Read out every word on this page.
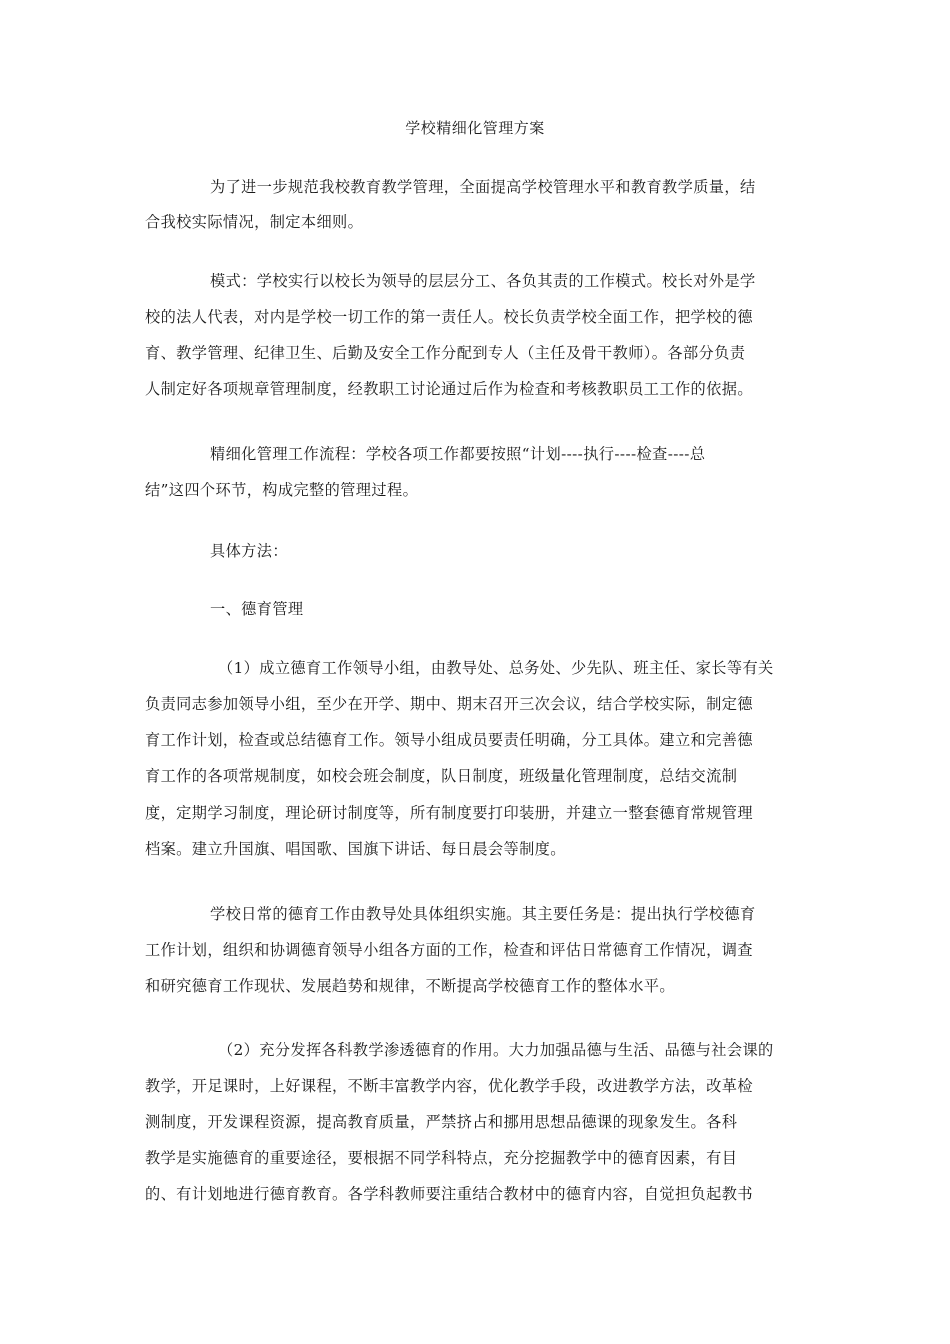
学校精细化管理方案
为了进一步规范我校教育教学管理，全面提高学校管理水平和教育教学质量，结
合我校实际情况，制定本细则。
模式：学校实行以校长为领导的层层分工、各负其责的工作模式。校长对外是学
校的法人代表，对内是学校一切工作的第一责任人。校长负责学校全面工作，把学校的德
育、教学管理、纪律卫生、后勤及安全工作分配到专人（主任及骨干教师）。各部分负责
人制定好各项规章管理制度，经教职工讨论通过后作为检查和考核教职员工工作的依据。
精细化管理工作流程：学校各项工作都要按照“计划----执行----检查----总
结”这四个环节，构成完整的管理过程。
具体方法：
一、德育管理
（1）成立德育工作领导小组，由教导处、总务处、少先队、班主任、家长等有关
负责同志参加领导小组，至少在开学、期中、期末召开三次会议，结合学校实际，制定德
育工作计划，检查或总结德育工作。领导小组成员要责任明确，分工具体。建立和完善德
育工作的各项常规制度，如校会班会制度，队日制度，班级量化管理制度，总结交流制
度，定期学习制度，理论研讨制度等，所有制度要打印装册，并建立一整套德育常规管理
档案。建立升国旗、唱国歌、国旗下讲话、每日晨会等制度。
学校日常的德育工作由教导处具体组织实施。其主要任务是：提出执行学校德育
工作计划，组织和协调德育领导小组各方面的工作，检查和评估日常德育工作情况，调查
和研究德育工作现状、发展趋势和规律，不断提高学校德育工作的整体水平。
（2）充分发挥各科教学渗透德育的作用。大力加强品德与生活、品德与社会课的
教学，开足课时，上好课程，不断丰富教学内容，优化教学手段，改进教学方法，改革检
测制度，开发课程资源，提高教育质量，严禁挤占和挪用思想品德课的现象发生。各科
教学是实施德育的重要途径，要根据不同学科特点，充分挖掘教学中的德育因素，有目
的、有计划地进行德育教育。各学科教师要注重结合教材中的德育内容，自觉担负起教书
